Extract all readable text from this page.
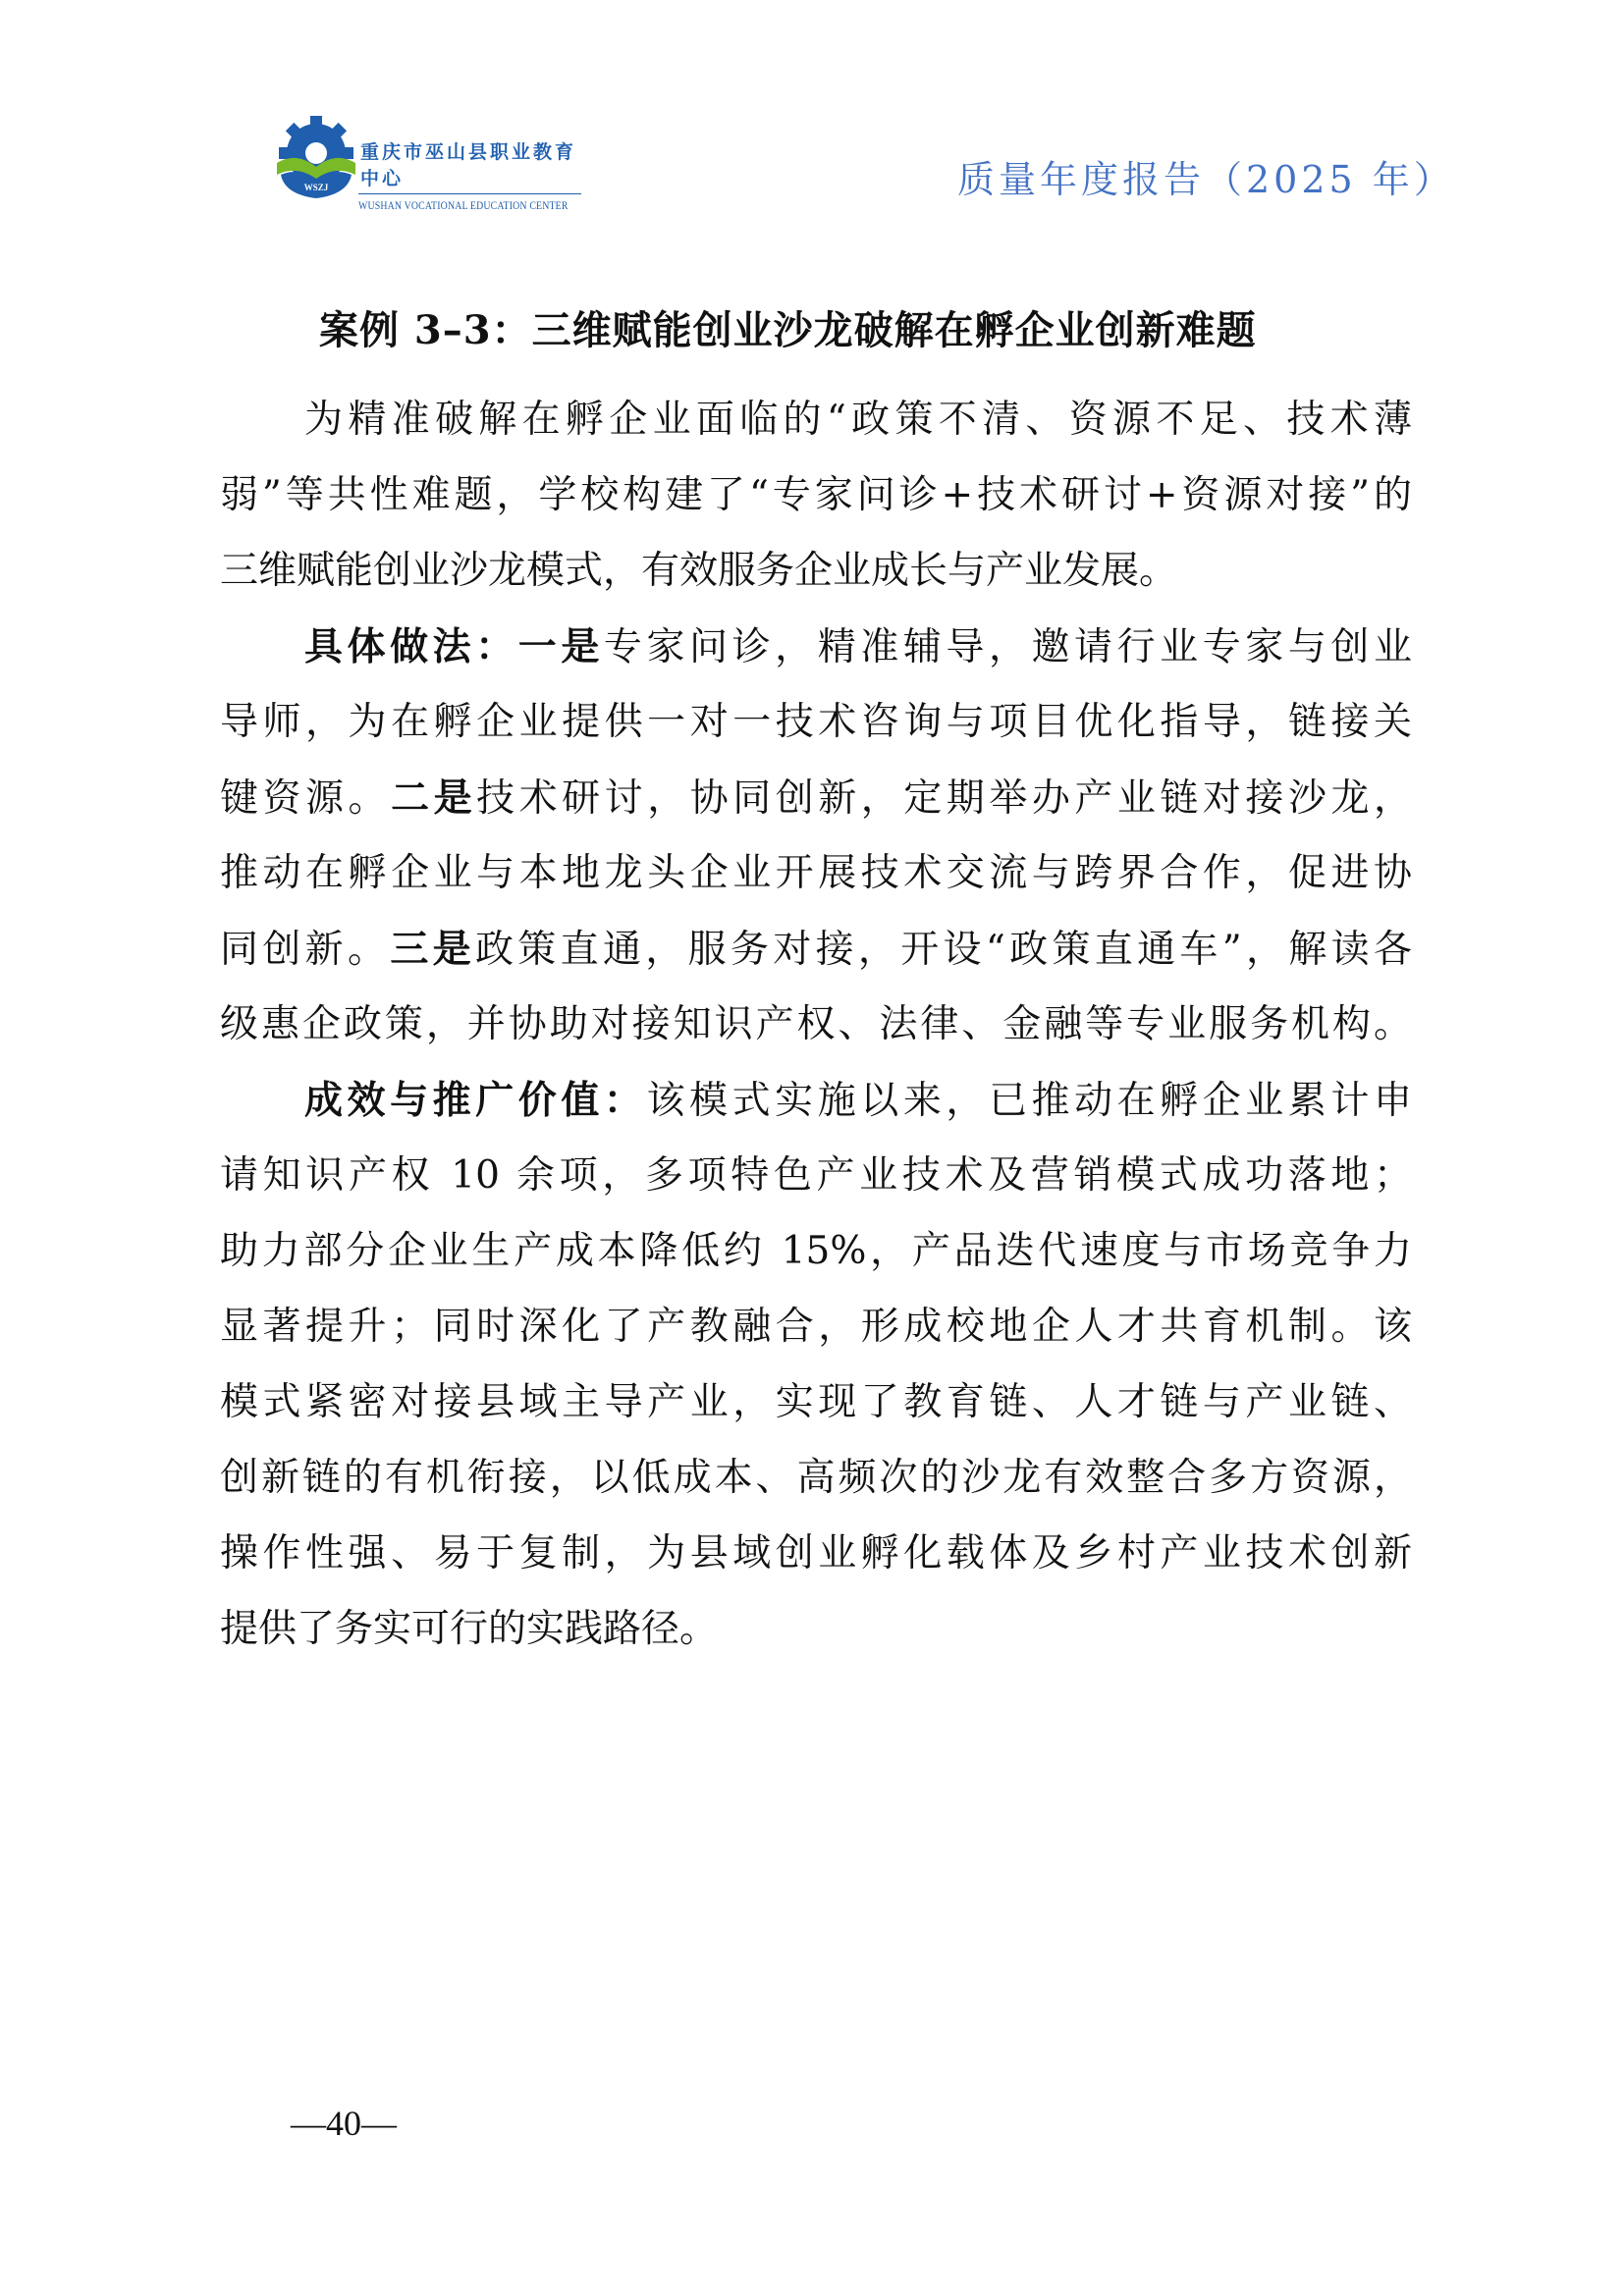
WSZJ
重庆市巫山县职业教育中心
WUSHAN VOCATIONAL EDUCATION CENTER
质量年度报告（2025 年）
案例 3–3：三维赋能创业沙龙破解在孵企业创新难题
为精准破解在孵企业面临的“政策不清、资源不足、技术薄
弱”等共性难题，学校构建了“专家问诊+技术研讨+资源对接”的
三维赋能创业沙龙模式，有效服务企业成长与产业发展。
具体做法：一是专家问诊，精准辅导，邀请行业专家与创业
导师，为在孵企业提供一对一技术咨询与项目优化指导，链接关
键资源。二是技术研讨，协同创新，定期举办产业链对接沙龙，
推动在孵企业与本地龙头企业开展技术交流与跨界合作，促进协
同创新。三是政策直通，服务对接，开设“政策直通车”，解读各
级惠企政策，并协助对接知识产权、法律、金融等专业服务机构。
成效与推广价值：该模式实施以来，已推动在孵企业累计申
请知识产权 10 余项，多项特色产业技术及营销模式成功落地；
助力部分企业生产成本降低约 15%，产品迭代速度与市场竞争力
显著提升；同时深化了产教融合，形成校地企人才共育机制。该
模式紧密对接县域主导产业，实现了教育链、人才链与产业链、
创新链的有机衔接，以低成本、高频次的沙龙有效整合多方资源，
操作性强、易于复制，为县域创业孵化载体及乡村产业技术创新
提供了务实可行的实践路径。
—40—
